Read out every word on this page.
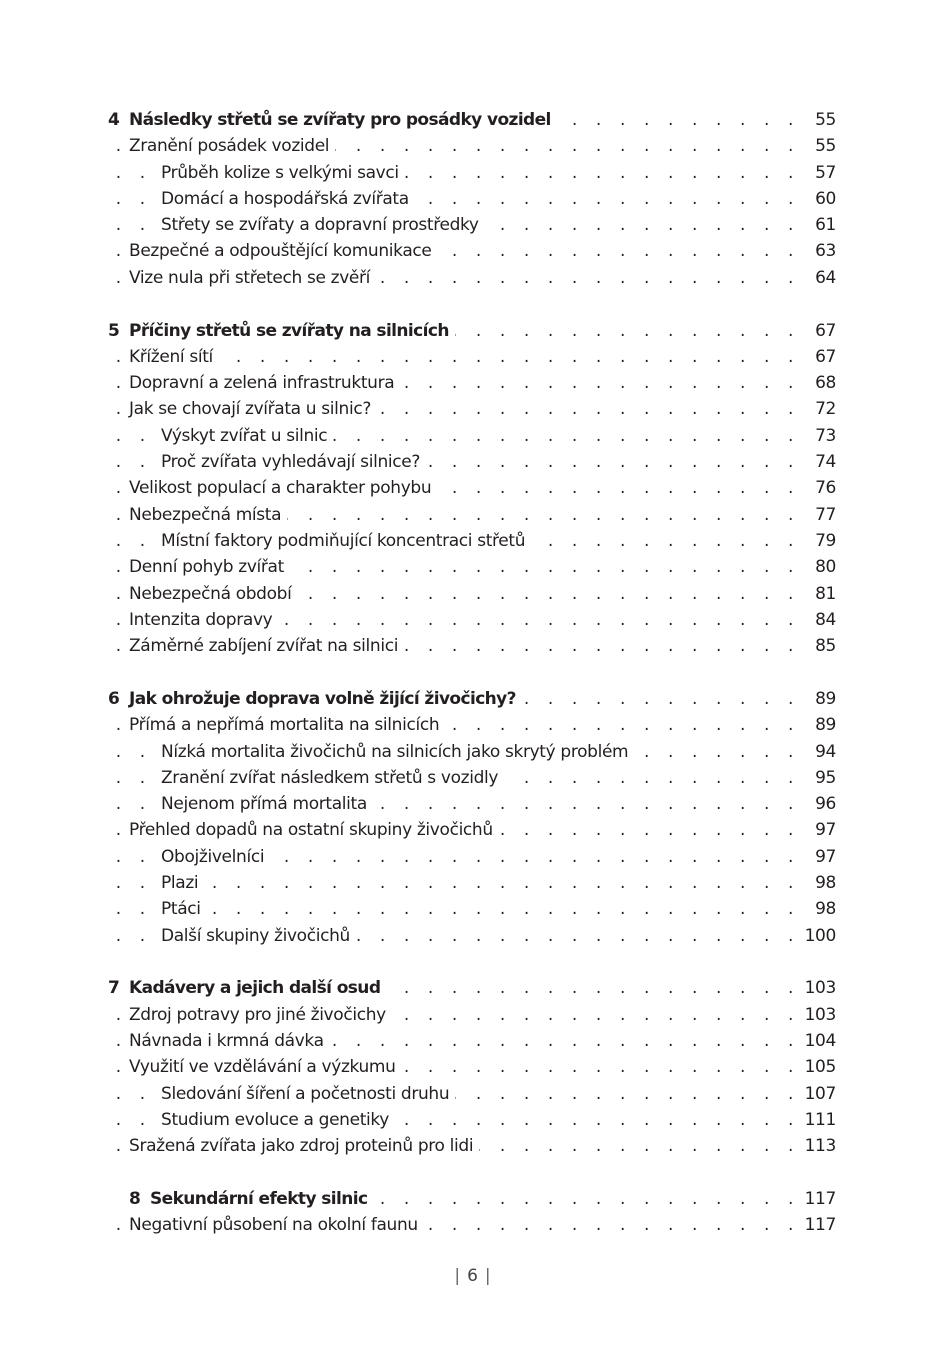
. . .
4 Následky střetů se zvířaty pro posádky vozidel	55
. . .
Zranění posádek vozidel	55
. . .
Průběh kolize s velkými savci	57
. . .
Domácí a hospodářská zvířata	60
. . .
Střety se zvířaty a dopravní prostředky	61
. . .
Bezpečné a odpouštějící komunikace	63
. . .
Vize nula při střetech se zvěří	64
. . .
5 Příčiny střetů se zvířaty na silnicích	67
. . .
Křížení sítí	67
. . .
Dopravní a zelená infrastruktura	68
. . .
Jak se chovají zvířata u silnic?	72
. . .
Výskyt zvířat u silnic	73
. . .
Proč zvířata vyhledávají silnice?	74
. . .
Velikost populací a charakter pohybu	76
. . .
Nebezpečná místa	77
. . .
Místní faktory podmiňující koncentraci střetů	79
. . .
Denní pohyb zvířat	80
. . .
Nebezpečná období	81
. . .
Intenzita dopravy	84
. . .
Záměrné zabíjení zvířat na silnici	85
. . .
6 Jak ohrožuje doprava volně žijící živočichy?	89
. . .
Přímá a nepřímá mortalita na silnicích	89
. . .
Nízká mortalita živočichů na silnicích jako skrytý problém	94
. . .
Zranění zvířat následkem střetů s vozidly	95
. . .
Nejenom přímá mortalita	96
. . .
Přehled dopadů na ostatní skupiny živočichů	97
. . .
Obojživelníci	97
. . .
Plazi	98
. . .
Ptáci	98
. . .
Další skupiny živočichů	100
. . .
7 Kadávery a jejich další osud	103
. . .
Zdroj potravy pro jiné živočichy	103
. . .
Návnada i krmná dávka	104
. . .
Využití ve vzdělávání a výzkumu	105
. . .
Sledování šíření a početnosti druhu	107
. . .
Studium evoluce a genetiky	111
. . .
Sražená zvířata jako zdroj proteinů pro lidi	113
. . .
8 Sekundární efekty silnic	117
. . .
Negativní působení na okolní faunu	117
| 6 |
